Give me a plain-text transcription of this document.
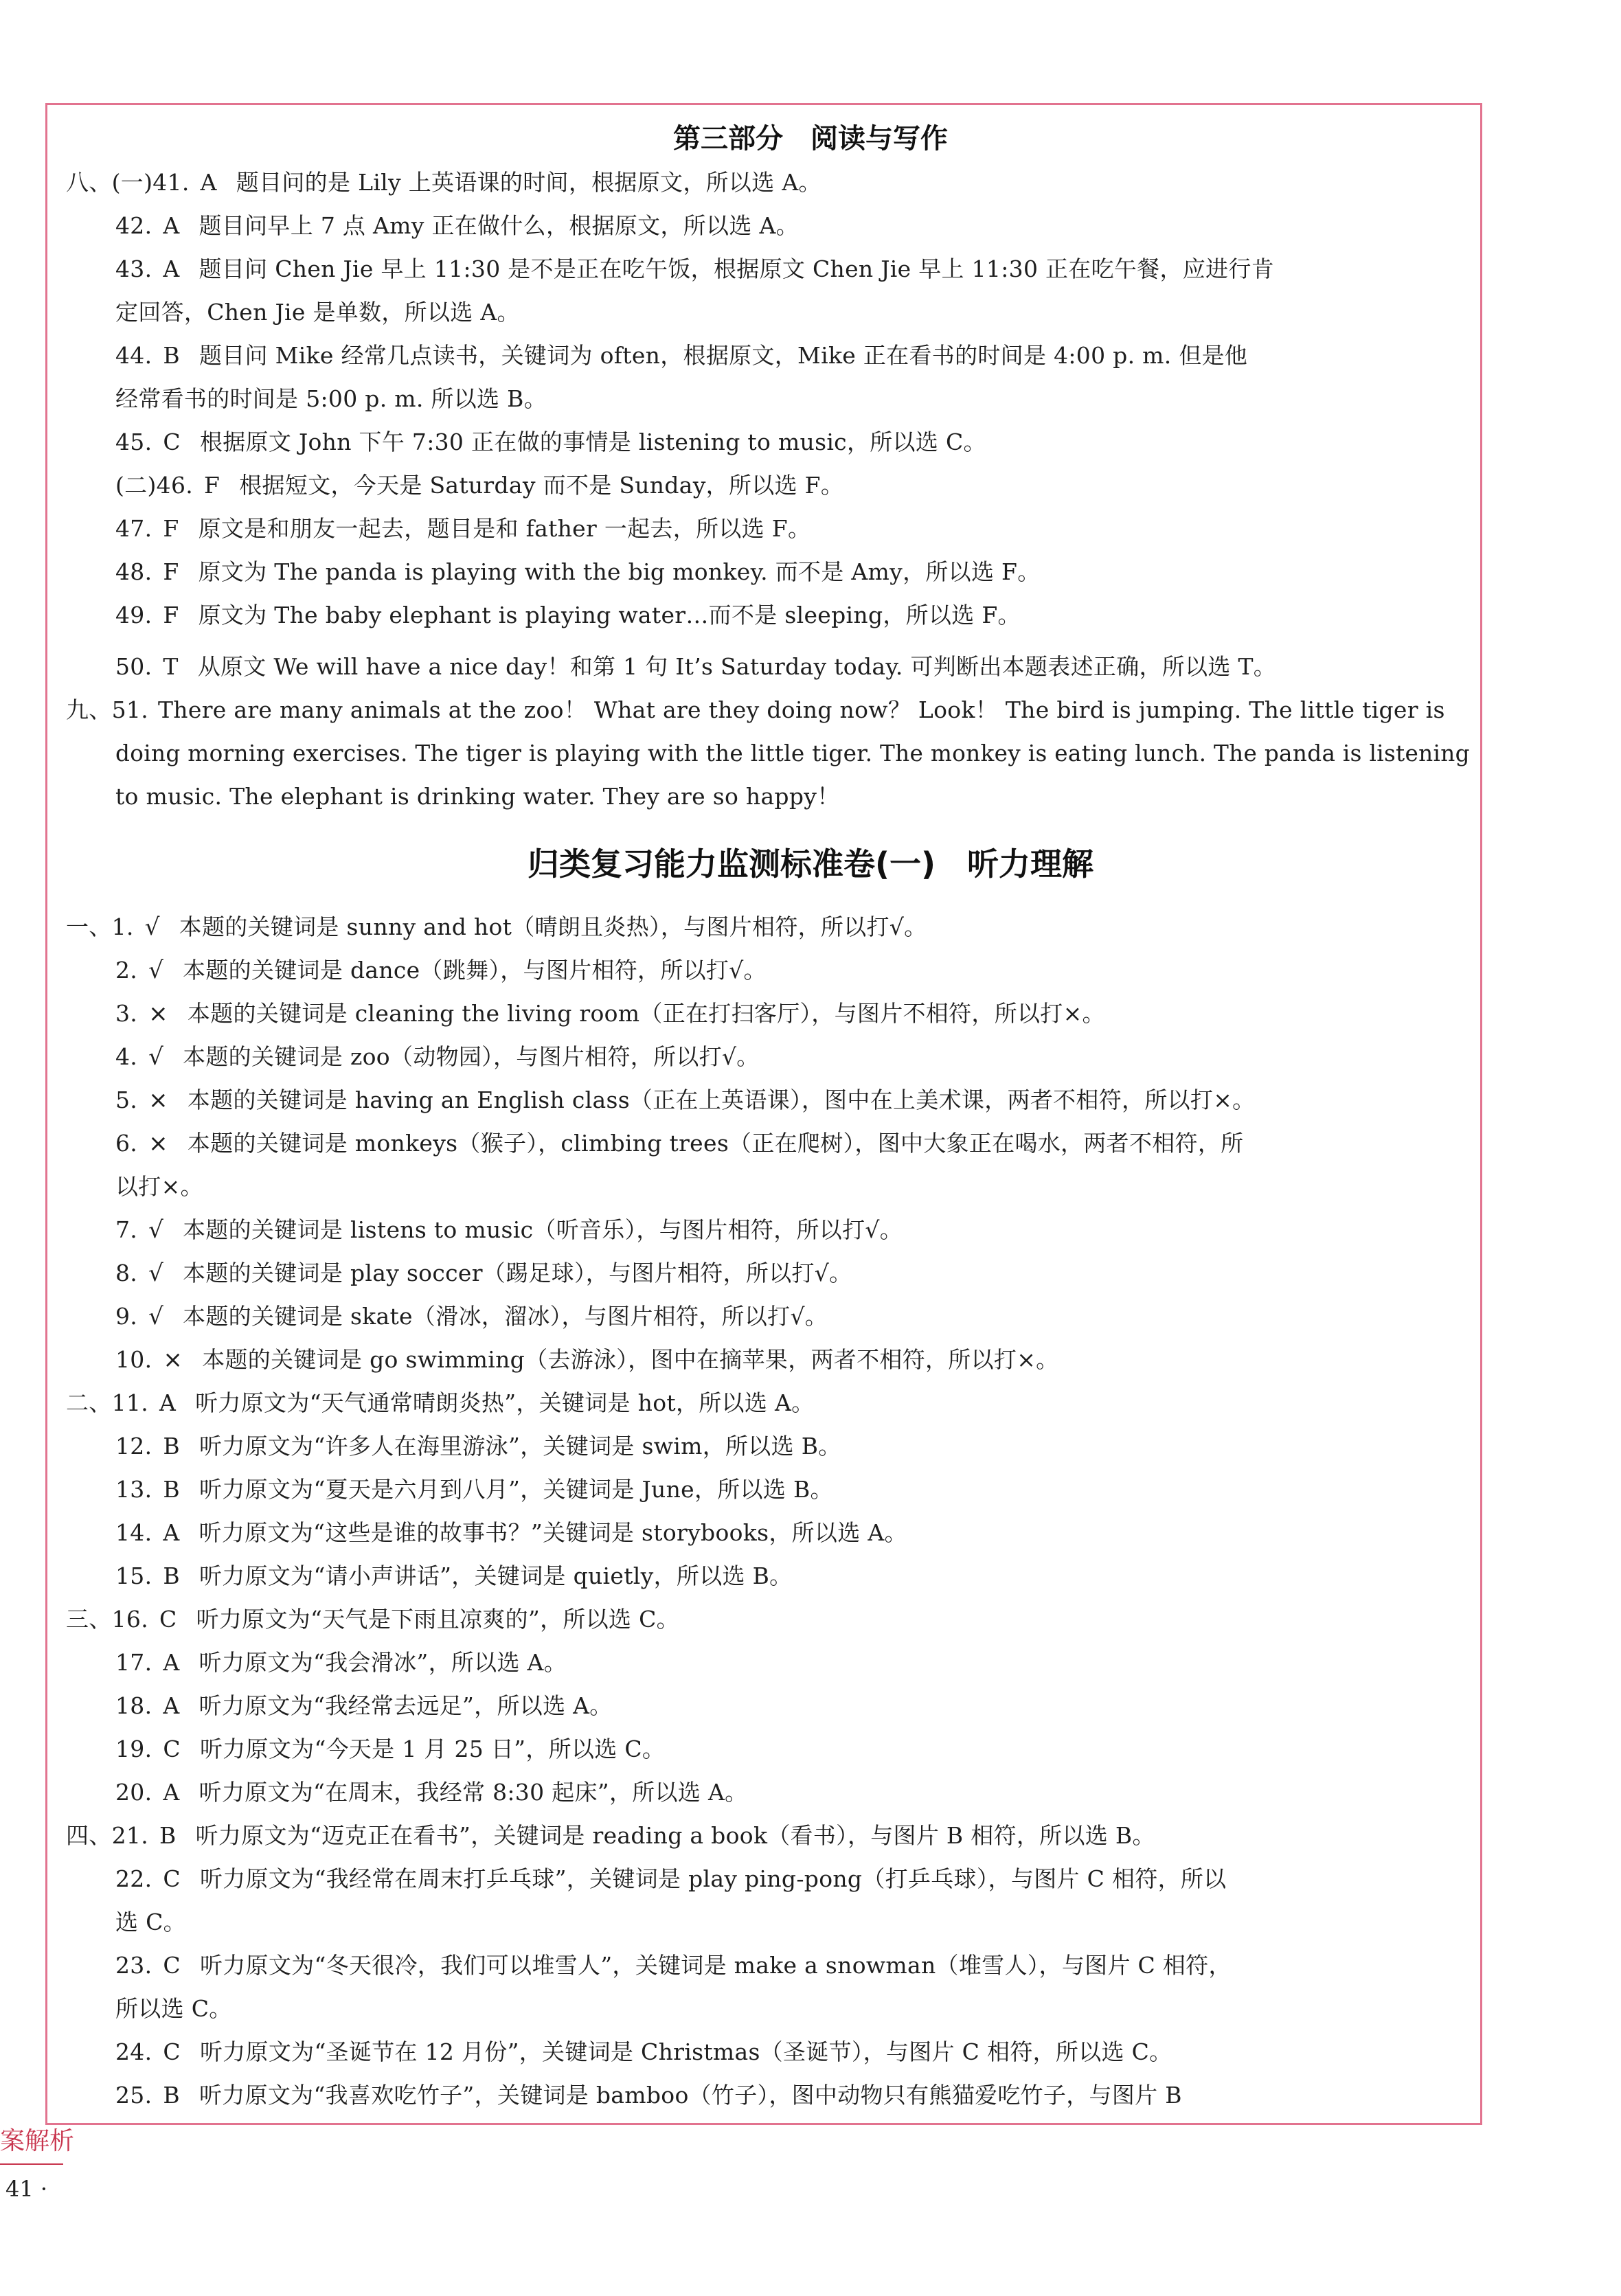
第三部分　阅读与写作

八、(一)41. A 题目问的是 Lily 上英语课的时间，根据原文，所以选 A。

42. A 题目问早上 7 点 Amy 正在做什么，根据原文，所以选 A。

43. A 题目问 Chen Jie 早上 11:30 是不是正在吃午饭，根据原文 Chen Jie 早上 11:30 正在吃午餐，应进行肯

定回答，Chen Jie 是单数，所以选 A。

44. B 题目问 Mike 经常几点读书，关键词为 often，根据原文，Mike 正在看书的时间是 4:00 p. m. 但是他

经常看书的时间是 5:00 p. m. 所以选 B。

45. C 根据原文 John 下午 7:30 正在做的事情是 listening to music，所以选 C。

(二)46. F 根据短文，今天是 Saturday 而不是 Sunday，所以选 F。

47. F 原文是和朋友一起去，题目是和 father 一起去，所以选 F。

48. F 原文为 The panda is playing with the big monkey. 而不是 Amy，所以选 F。

49. F 原文为 The baby elephant is playing water…而不是 sleeping，所以选 F。

50. T 从原文 We will have a nice day！和第 1 句 It’s Saturday today. 可判断出本题表述正确，所以选 T。

九、51. There are many animals at the zoo！ What are they doing now？ Look！ The bird is jumping. The little tiger is

doing morning exercises. The tiger is playing with the little tiger. The monkey is eating lunch. The panda is listening

to music. The elephant is drinking water. They are so happy！

归类复习能力监测标准卷(一)　听力理解

一、1. √ 本题的关键词是 sunny and hot（晴朗且炎热），与图片相符，所以打√。

2. √ 本题的关键词是 dance（跳舞），与图片相符，所以打√。

3. × 本题的关键词是 cleaning the living room（正在打扫客厅），与图片不相符，所以打×。

4. √ 本题的关键词是 zoo（动物园），与图片相符，所以打√。

5. × 本题的关键词是 having an English class（正在上英语课），图中在上美术课，两者不相符，所以打×。

6. × 本题的关键词是 monkeys（猴子），climbing trees（正在爬树），图中大象正在喝水，两者不相符，所

以打×。

7. √ 本题的关键词是 listens to music（听音乐），与图片相符，所以打√。

8. √ 本题的关键词是 play soccer（踢足球），与图片相符，所以打√。

9. √ 本题的关键词是 skate（滑冰，溜冰），与图片相符，所以打√。

10. × 本题的关键词是 go swimming（去游泳），图中在摘苹果，两者不相符，所以打×。

二、11. A 听力原文为“天气通常晴朗炎热”，关键词是 hot，所以选 A。

12. B 听力原文为“许多人在海里游泳”，关键词是 swim，所以选 B。

13. B 听力原文为“夏天是六月到八月”，关键词是 June，所以选 B。

14. A 听力原文为“这些是谁的故事书？”关键词是 storybooks，所以选 A。

15. B 听力原文为“请小声讲话”，关键词是 quietly，所以选 B。

三、16. C 听力原文为“天气是下雨且凉爽的”，所以选 C。

17. A 听力原文为“我会滑冰”，所以选 A。

18. A 听力原文为“我经常去远足”，所以选 A。

19. C 听力原文为“今天是 1 月 25 日”，所以选 C。

20. A 听力原文为“在周末，我经常 8:30 起床”，所以选 A。

四、21. B 听力原文为“迈克正在看书”，关键词是 reading a book（看书），与图片 B 相符，所以选 B。

22. C 听力原文为“我经常在周末打乒乓球”，关键词是 play ping-pong（打乒乓球），与图片 C 相符，所以

选 C。

23. C 听力原文为“冬天很冷，我们可以堆雪人”，关键词是 make a snowman（堆雪人），与图片 C 相符，

所以选 C。

24. C 听力原文为“圣诞节在 12 月份”，关键词是 Christmas（圣诞节），与图片 C 相符，所以选 C。

25. B 听力原文为“我喜欢吃竹子”，关键词是 bamboo（竹子），图中动物只有熊猫爱吃竹子，与图片 B

案解析
41 ·
